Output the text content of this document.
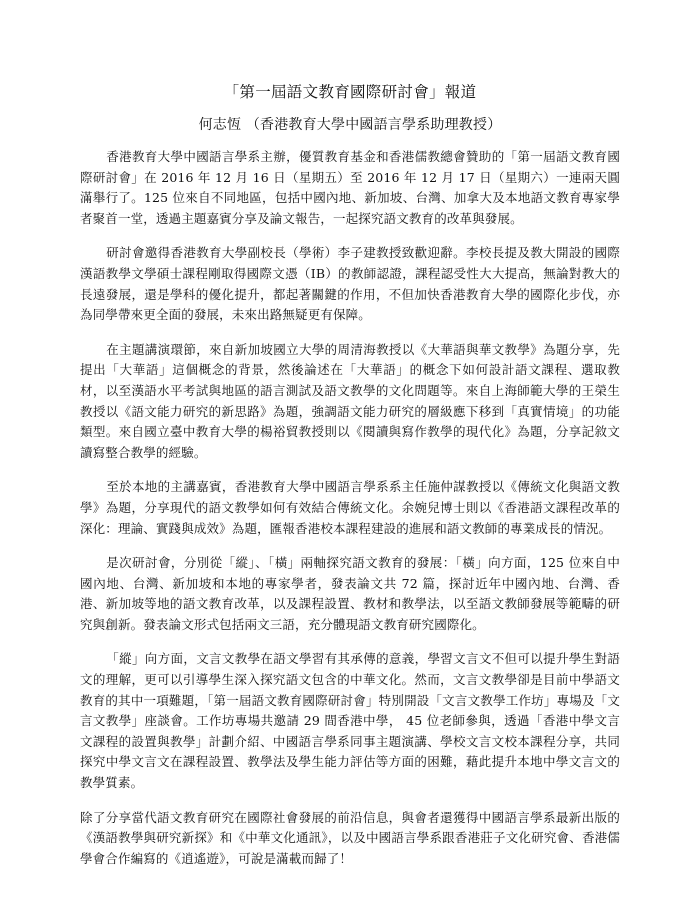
「第一屆語文教育國際研討會」報道
何志恆 （香港教育大學中國語言學系助理教授）

香港教育大學中國語言學系主辦，優質教育基金和香港儒教總會贊助的「第一屆語文教育國際研討會」在 2016 年 12 月 16 日（星期五）至 2016 年 12 月 17 日（星期六）一連兩天圓滿舉行了。125 位來自不同地區，包括中國內地、新加坡、台灣、加拿大及本地語文教育專家學者聚首一堂，透過主題嘉賓分享及論文報告，一起探究語文教育的改革與發展。

研討會邀得香港教育大學副校長（學術）李子建教授致歡迎辭。李校長提及教大開設的國際漢語教學文學碩士課程剛取得國際文憑（IB）的教師認證，課程認受性大大提高，無論對教大的長遠發展，還是學科的優化提升，都起著關鍵的作用，不但加快香港教育大學的國際化步伐，亦為同學帶來更全面的發展，未來出路無疑更有保障。

在主題講演環節，來自新加坡國立大學的周清海教授以《大華語與華文教學》為題分享，先提出「大華語」這個概念的背景，然後論述在「大華語」的概念下如何設計語文課程、選取教材，以至漢語水平考試與地區的語言測試及語文教學的文化問題等。來自上海師範大學的王榮生教授以《語文能力研究的新思路》為題，強調語文能力研究的層級應下移到「真實情境」的功能類型。來自國立臺中教育大學的楊裕貿教授則以《閱讀與寫作教學的現代化》為題，分享記敘文讀寫整合教學的經驗。

至於本地的主講嘉賓，香港教育大學中國語言學系系主任施仲謀教授以《傳統文化與語文教學》為題，分享現代的語文教學如何有效結合傳統文化。余婉兒博士則以《香港語文課程改革的深化：理論、實踐與成效》為題，匯報香港校本課程建設的進展和語文教師的專業成長的情況。

是次研討會，分別從「縱」、「橫」兩軸探究語文教育的發展：「橫」向方面，125 位來自中國內地、台灣、新加坡和本地的專家學者，發表論文共 72 篇，探討近年中國內地、台灣、香港、新加坡等地的語文教育改革，以及課程設置、教材和教學法，以至語文教師發展等範疇的研究與創新。發表論文形式包括兩文三語，充分體現語文教育研究國際化。

「縱」向方面，文言文教學在語文學習有其承傳的意義，學習文言文不但可以提升學生對語文的理解，更可以引導學生深入探究語文包含的中華文化。然而，文言文教學卻是目前中學語文教育的其中一項難題，「第一屆語文教育國際研討會」特別開設「文言文教學工作坊」專場及「文言文教學」座談會。工作坊專場共邀請 29 間香港中學， 45 位老師參與，透過「香港中學文言文課程的設置與教學」計劃介紹、中國語言學系同事主題演講、學校文言文校本課程分享，共同探究中學文言文在課程設置、教學法及學生能力評估等方面的困難，藉此提升本地中學文言文的教學質素。

除了分享當代語文教育研究在國際社會發展的前沿信息，與會者還獲得中國語言學系最新出版的《漢語教學與研究新探》和《中華文化通訊》，以及中國語言學系跟香港莊子文化研究會、香港儒學會合作編寫的《逍遙遊》，可說是滿載而歸了！
